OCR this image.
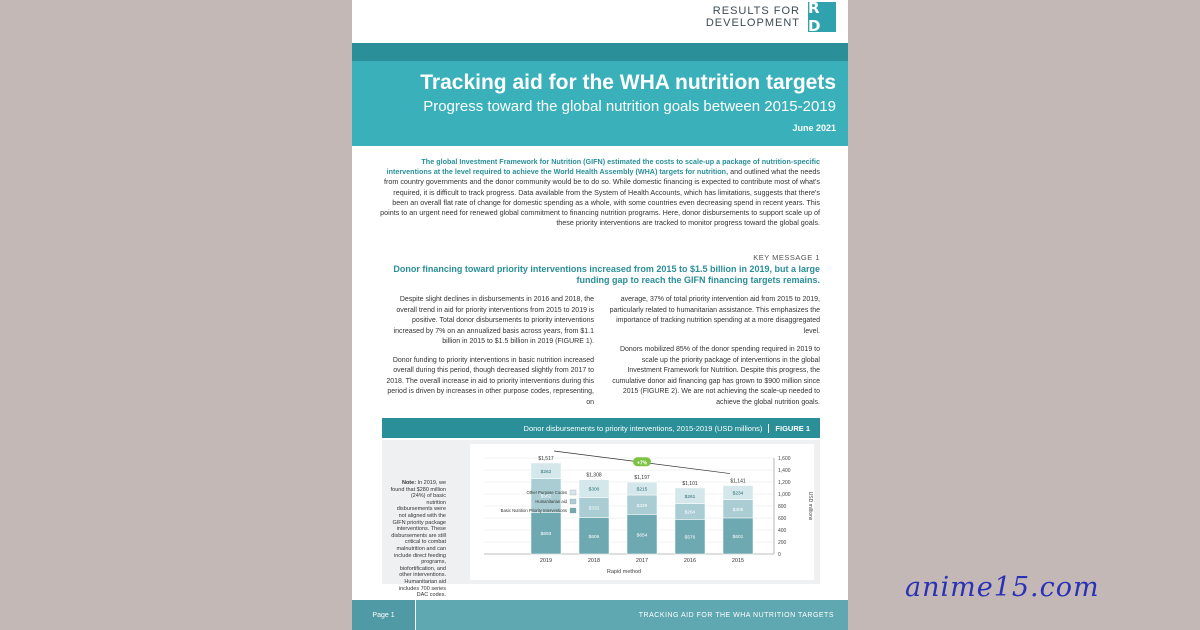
RESULTS FOR
DEVELOPMENT
R D
Tracking aid for the WHA nutrition targets
Progress toward the global nutrition goals between 2015-2019
June 2021
The global Investment Framework for Nutrition (GIFN) estimated the costs to scale-up a package of nutrition-specific interventions at the level required to achieve the World Health Assembly (WHA) targets for nutrition, and outlined what the needs from country governments and the donor community would be to do so. While domestic financing is expected to contribute most of what's required, it is difficult to track progress. Data available from the System of Health Accounts, which has limitations, suggests that there's been an overall flat rate of change for domestic spending as a whole, with some countries even decreasing spend in recent years. This points to an urgent need for renewed global commitment to financing nutrition programs. Here, donor disbursements to support scale up of these priority interventions are tracked to monitor progress toward the global goals.
KEY MESSAGE 1
Donor financing toward priority interventions increased from 2015 to $1.5 billion in 2019, but a large funding gap to reach the GIFN financing targets remains.

Despite slight declines in disbursements in 2016 and 2018, the overall trend in aid for priority interventions from 2015 to 2019 is positive. Total donor disbursements to priority interventions increased by 7% on an annualized basis across years, from $1.1 billion in 2015 to $1.5 billion in 2019 (FIGURE 1).

Donor funding to priority interventions in basic nutrition increased overall during this period, though decreased slightly from 2017 to 2018. The overall increase in aid to priority interventions during this period is driven by increases in other purpose codes, representing, on

average, 37% of total priority intervention aid from 2015 to 2019, particularly related to humanitarian assistance. This emphasizes the importance of tracking nutrition spending at a more disaggregated level.

Donors mobilized 85% of the donor spending required in 2019 to scale up the priority package of interventions in the global Investment Framework for Nutrition. Despite this progress, the cumulative donor aid financing gap has grown to $900 million since 2015 (FIGURE 2). We are not achieving the scale-up needed to achieve the global nutrition goals.

Donor disbursements to priority interventions, 2015-2019 (USD millions)	FIGURE 1
Note: In 2019, we found that $280 million (24%) of basic nutrition disbursements were not aligned with the GIFN priority package interventions. These disbursements are still critical to combat malnutrition and can include direct feeding programs, biofortification, and other interventions. Humanitarian aid includes 700 series DAC codes.
0
200
400
600
800
1,000
1,200
1,400
1,600
$601
$306
$234
$1,141
2015
$576
$264
$261
$1,101
2016
$654
$329
$215
$1,197
2017
$606
$332
$300
$1,308
2018
$693
$562
$262
$1,517
2019
+7%
Other Purpose Codes
Humanitarian aid
Basic Nutrition Priority Interventions
Rapid method
USD millions
Page 1	TRACKING AID FOR THE WHA NUTRITION TARGETS
anime15.com
